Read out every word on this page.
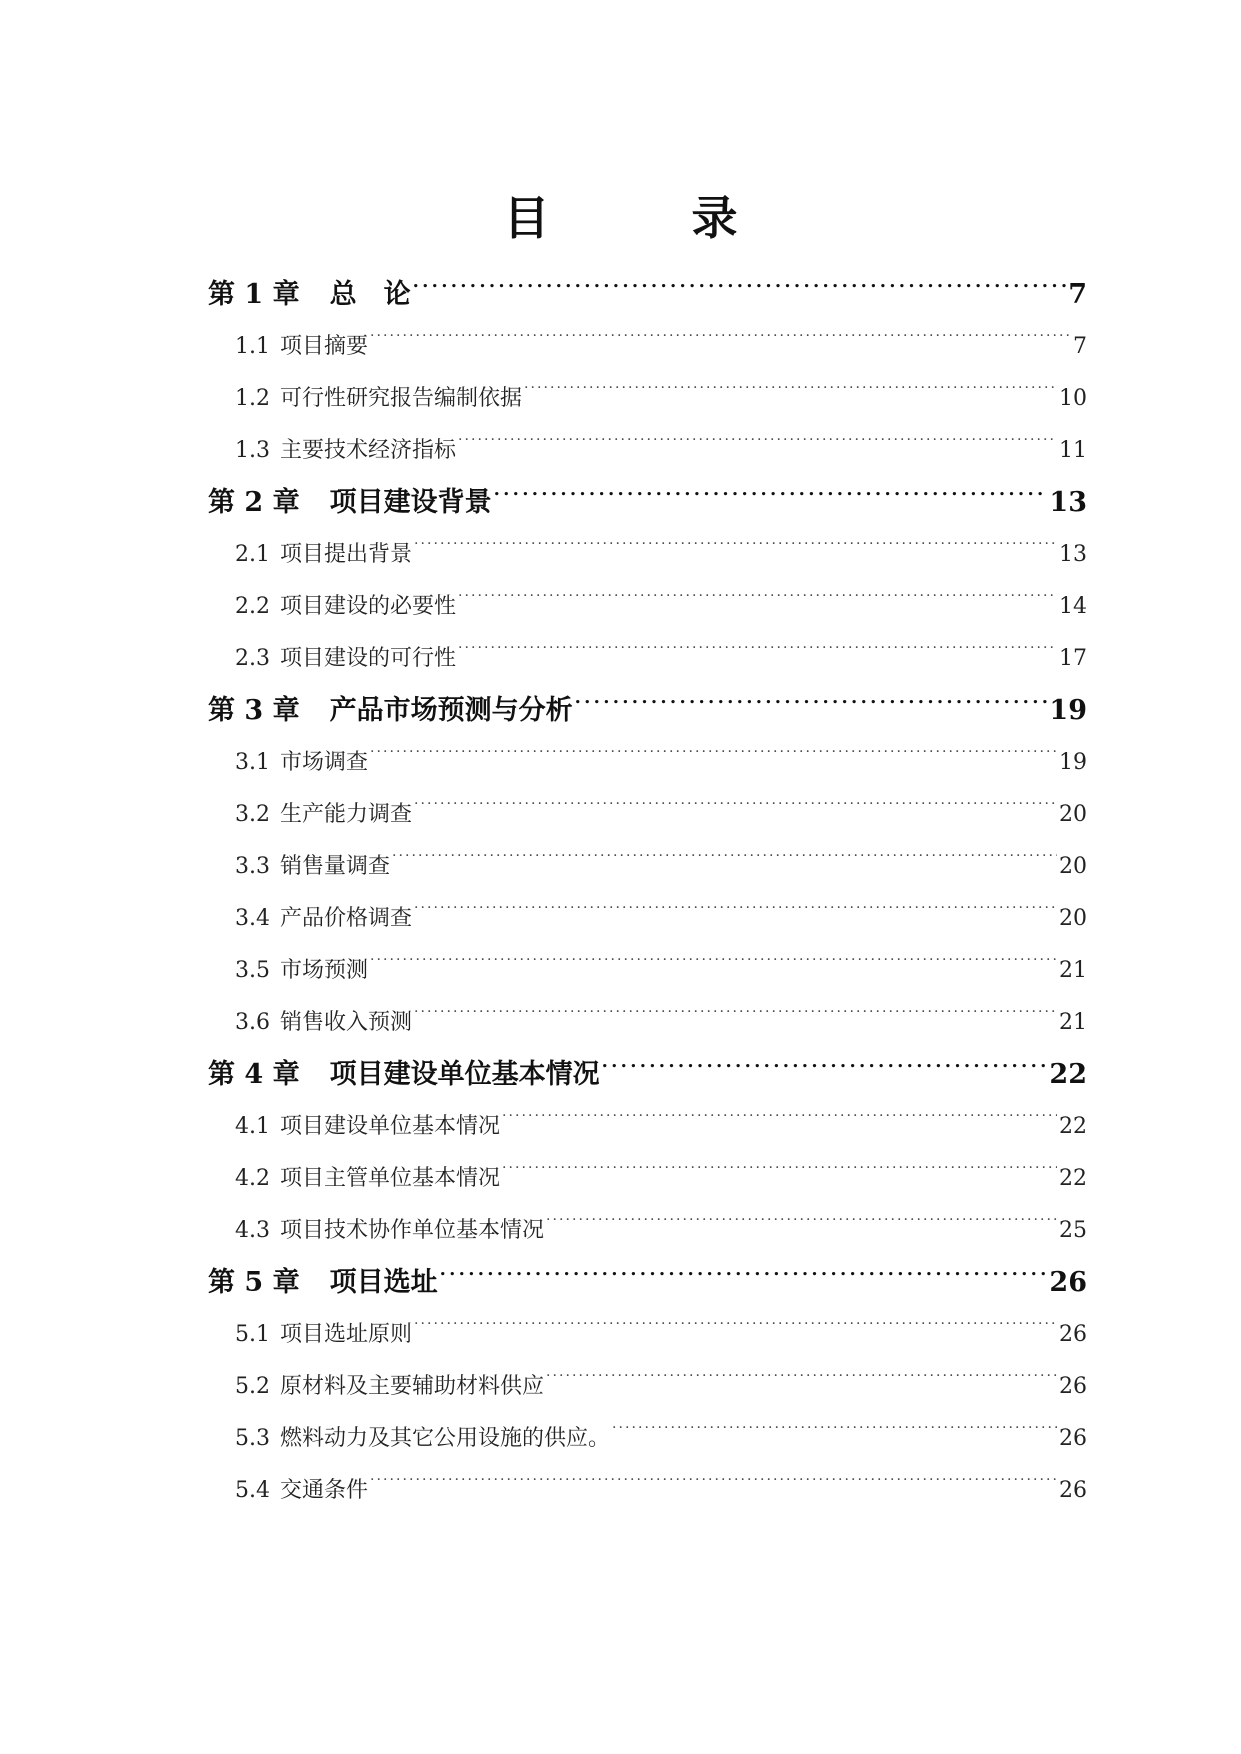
目　录
第 1 章 总　论 . . .	7
1.1 项目摘要 . . .	7
1.2 可行性研究报告编制依据 . . .	10
1.3 主要技术经济指标 . . .	11
第 2 章 项目建设背景 . . .	13
2.1 项目提出背景 . . .	13
2.2 项目建设的必要性 . . .	14
2.3 项目建设的可行性 . . .	17
第 3 章 产品市场预测与分析 . . .	19
3.1 市场调查 . . .	19
3.2 生产能力调查 . . .	20
3.3 销售量调查 . . .	20
3.4 产品价格调查 . . .	20
3.5 市场预测 . . .	21
3.6 销售收入预测 . . .	21
第 4 章 项目建设单位基本情况 . . .	22
4.1 项目建设单位基本情况 . . .	22
4.2 项目主管单位基本情况 . . .	22
4.3 项目技术协作单位基本情况 . . .	25
第 5 章 项目选址 . . .	26
5.1 项目选址原则 . . .	26
5.2 原材料及主要辅助材料供应 . . .	26
5.3 燃料动力及其它公用设施的供应。 . . .	26
5.4 交通条件 . . .	26
